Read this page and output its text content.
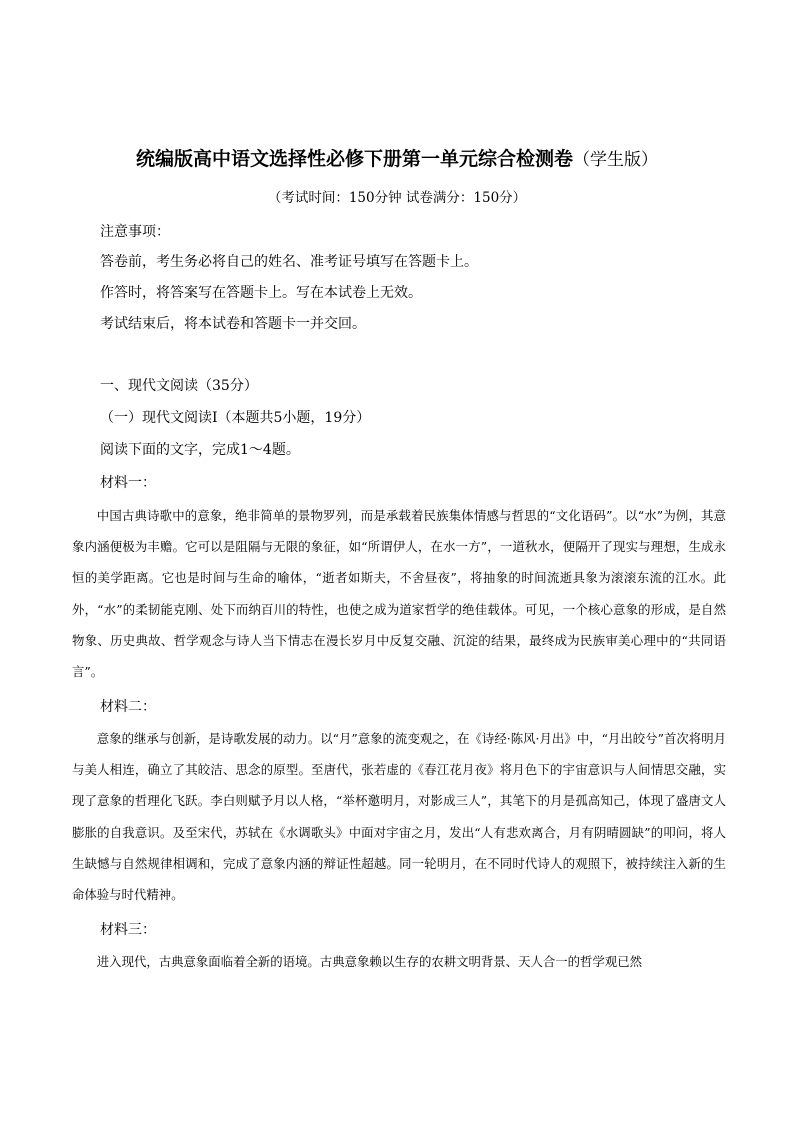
统编版高中语文选择性必修下册第一单元综合检测卷（学生版）
（考试时间：150分钟 试卷满分：150分）
注意事项：
答卷前，考生务必将自己的姓名、准考证号填写在答题卡上。
作答时，将答案写在答题卡上。写在本试卷上无效。
考试结束后，将本试卷和答题卡一并交回。
一、现代文阅读（35分）
（一）现代文阅读Ⅰ（本题共5小题，19分）
阅读下面的文字，完成1～4题。
材料一：

中国古典诗歌中的意象，绝非简单的景物罗列，而是承载着民族集体情感与哲思的“文化语码”。以“水”为例，其意象内涵便极为丰赡。它可以是阻隔与无限的象征，如“所谓伊人，在水一方”，一道秋水，便隔开了现实与理想，生成永恒的美学距离。它也是时间与生命的喻体，“逝者如斯夫，不舍昼夜”，将抽象的时间流逝具象为滚滚东流的江水。此外，“水”的柔韧能克刚、处下而纳百川的特性，也使之成为道家哲学的绝佳载体。可见，一个核心意象的形成，是自然物象、历史典故、哲学观念与诗人当下情志在漫长岁月中反复交融、沉淀的结果，最终成为民族审美心理中的“共同语言”。

材料二：

意象的继承与创新，是诗歌发展的动力。以“月”意象的流变观之，在《诗经·陈风·月出》中，“月出皎兮”首次将明月与美人相连，确立了其皎洁、思念的原型。至唐代，张若虚的《春江花月夜》将月色下的宇宙意识与人间情思交融，实现了意象的哲理化飞跃。李白则赋予月以人格，“举杯邀明月，对影成三人”，其笔下的月是孤高知己，体现了盛唐文人膨胀的自我意识。及至宋代，苏轼在《水调歌头》中面对宇宙之月，发出“人有悲欢离合，月有阴晴圆缺”的叩问，将人生缺憾与自然规律相调和，完成了意象内涵的辩证性超越。同一轮明月，在不同时代诗人的观照下，被持续注入新的生命体验与时代精神。

材料三：

进入现代，古典意象面临着全新的语境。古典意象赖以生存的农耕文明背景、天人合一的哲学观已然
